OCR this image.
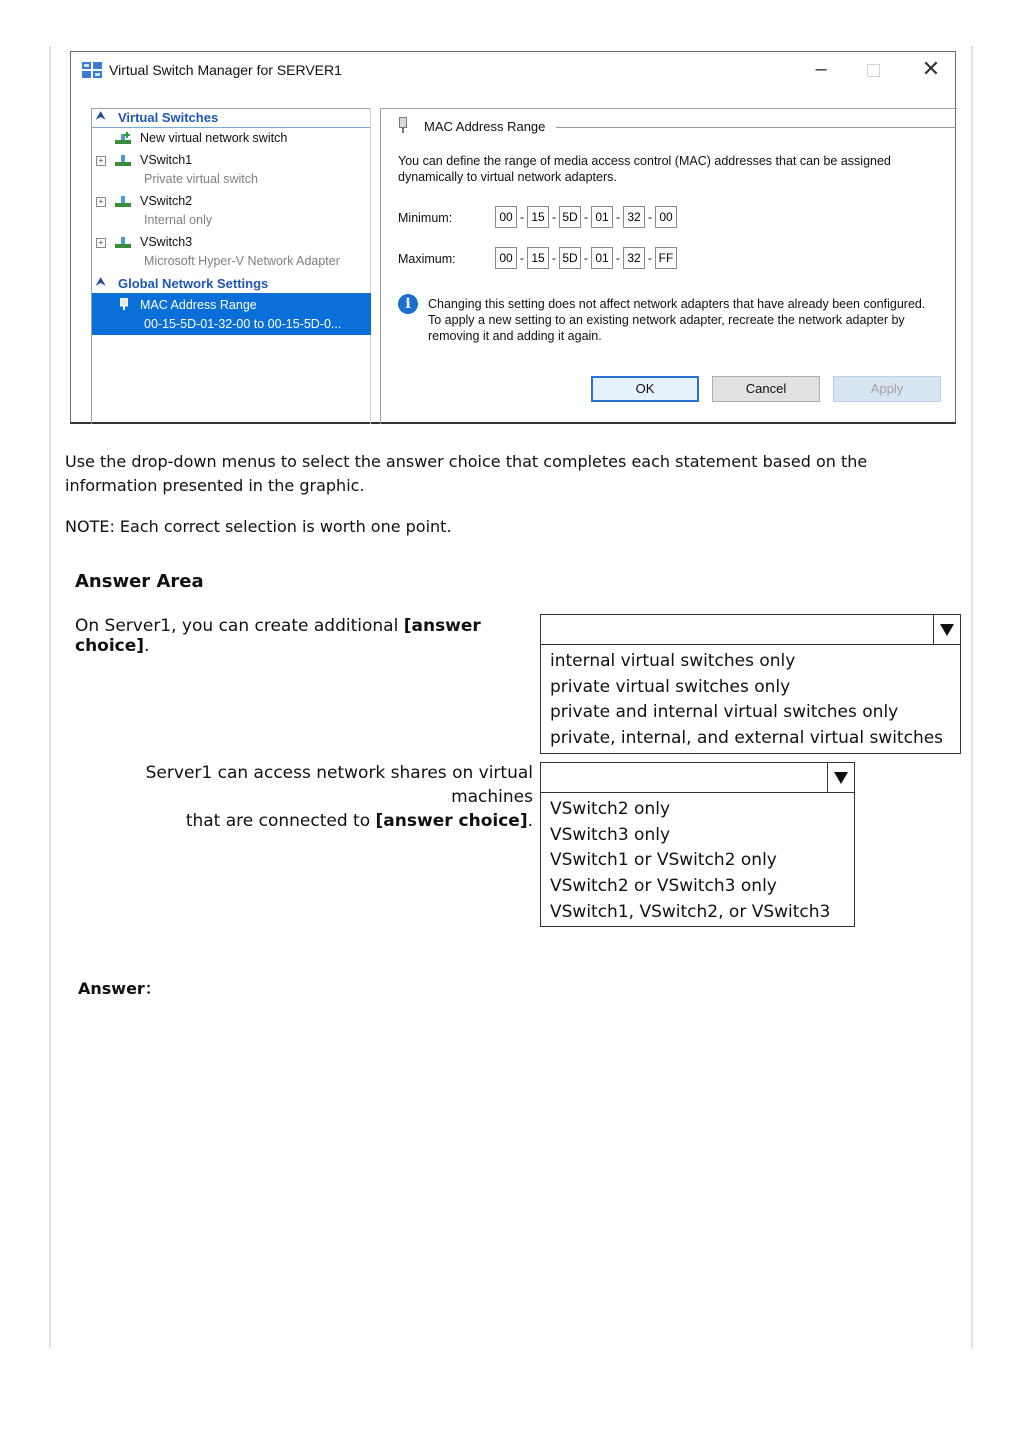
Virtual Switch Manager for SERVER1	–	✕
⮝ Virtual Switches
New virtual network switch
+	VSwitch1
Private virtual switch
+	VSwitch2
Internal only
+	VSwitch3
Microsoft Hyper-V Network Adapter
⮝ Global Network Settings
MAC Address Range
00-15-5D-01-32-00 to 00-15-5D-0...
MAC Address Range
You can define the range of media access control (MAC) addresses that can be assigned dynamically to virtual network adapters.
Minimum:	00 - 15 - 5D - 01 - 32 - 00
Maximum:	00 - 15 - 5D - 01 - 32 - FF
i	Changing this setting does not affect network adapters that have already been configured. To apply a new setting to an existing network adapter, recreate the network adapter by removing it and adding it again.
OK	Cancel	Apply
Use the drop-down menus to select the answer choice that completes each statement based on the information presented in the graphic.
NOTE: Each correct selection is worth one point.
Answer Area
On Server1, you can create additional [answer choice].
internal virtual switches only
private virtual switches only
private and internal virtual switches only
private, internal, and external virtual switches
Server1 can access network shares on virtual machines
that are connected to [answer choice].
VSwitch2 only
VSwitch3 only
VSwitch1 or VSwitch2 only
VSwitch2 or VSwitch3 only
VSwitch1, VSwitch2, or VSwitch3
Answer：
